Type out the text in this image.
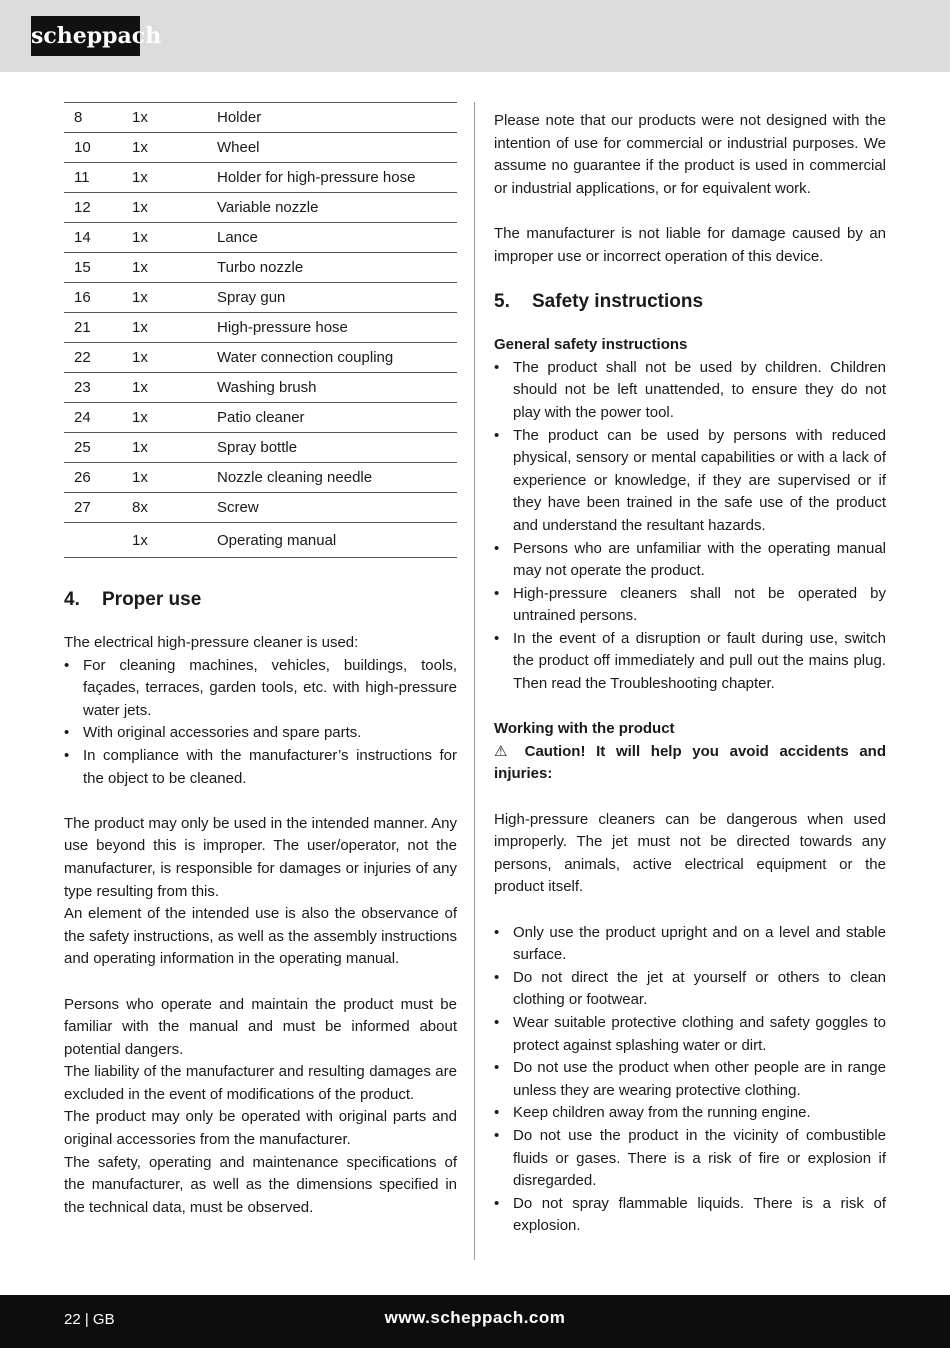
scheppach
8	1x	Holder
10	1x	Wheel
11	1x	Holder for high-pressure hose
12	1x	Variable nozzle
14	1x	Lance
15	1x	Turbo nozzle
16	1x	Spray gun
21	1x	High-pressure hose
22	1x	Water connection coupling
23	1x	Washing brush
24	1x	Patio cleaner
25	1x	Spray bottle
26	1x	Nozzle cleaning needle
27	8x	Screw
	1x	Operating manual

4. Proper use

The electrical high-pressure cleaner is used:

• For cleaning machines, vehicles, buildings, tools, façades, terraces, garden tools, etc. with high-pressure water jets.
• With original accessories and spare parts.
• In compliance with the manufacturer’s instructions for the object to be cleaned.

The product may only be used in the intended manner. Any use beyond this is improper. The user/operator, not the manufacturer, is responsible for damages or injuries of any type resulting from this.

An element of the intended use is also the observance of the safety instructions, as well as the assembly instructions and operating information in the operating manual.

Persons who operate and maintain the product must be familiar with the manual and must be informed about potential dangers.

The liability of the manufacturer and resulting damages are excluded in the event of modifications of the product.

The product may only be operated with original parts and original accessories from the manufacturer.

The safety, operating and maintenance specifications of the manufacturer, as well as the dimensions specified in the technical data, must be observed.

Please note that our products were not designed with the intention of use for commercial or industrial purposes. We assume no guarantee if the product is used in commercial or industrial applications, or for equivalent work.

The manufacturer is not liable for damage caused by an improper use or incorrect operation of this device.

5. Safety instructions

General safety instructions

• The product shall not be used by children. Children should not be left unattended, to ensure they do not play with the power tool.
• The product can be used by persons with reduced physical, sensory or mental capabilities or with a lack of experience or knowledge, if they are supervised or if they have been trained in the safe use of the product and understand the resultant hazards.
• Persons who are unfamiliar with the operating manual may not operate the product.
• High-pressure cleaners shall not be operated by untrained persons.
• In the event of a disruption or fault during use, switch the product off immediately and pull out the mains plug. Then read the Troubleshooting chapter.

Working with the product

⚠ Caution! It will help you avoid accidents and injuries:

High-pressure cleaners can be dangerous when used improperly. The jet must not be directed towards any persons, animals, active electrical equipment or the product itself.

• Only use the product upright and on a level and stable surface.
• Do not direct the jet at yourself or others to clean clothing or footwear.
• Wear suitable protective clothing and safety goggles to protect against splashing water or dirt.
• Do not use the product when other people are in range unless they are wearing protective clothing.
• Keep children away from the running engine.
• Do not use the product in the vicinity of combustible fluids or gases. There is a risk of fire or explosion if disregarded.
• Do not spray flammable liquids. There is a risk of explosion.
22 | GB	www.scheppach.com
